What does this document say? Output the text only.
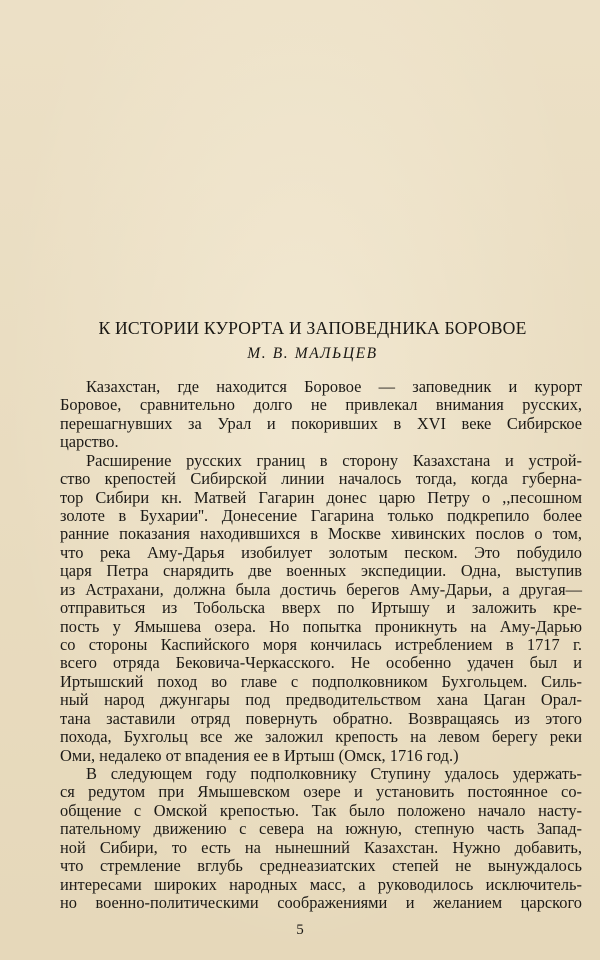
К ИСТОРИИ КУРОРТА И ЗАПОВЕДНИКА БОРОВОЕ
М. В. МАЛЬЦЕВ
Казахстан, где находится Боровое — заповедник и курорт
Боровое, сравнительно долго не привлекал внимания русских,
перешагнувших за Урал и покоривших в XVI веке Сибирское
царство.
Расширение русских границ в сторону Казахстана и устрой-
ство крепостей Сибирской линии началось тогда, когда губерна-
тор Сибири кн. Матвей Гагарин донес царю Петру о ,,песошном
золоте в Бухарии''. Донесение Гагарина только подкрепило более
ранние показания находившихся в Москве хивинских послов о том,
что река Аму-Дарья изобилует золотым песком. Это побудило
царя Петра снарядить две военных экспедиции. Одна, выступив
из Астрахани, должна была достичь берегов Аму-Дарьи, а другая—
отправиться из Тобольска вверх по Иртышу и заложить кре-
пость у Ямышева озера. Но попытка проникнуть на Аму-Дарью
со стороны Каспийского моря кончилась истреблением в 1717 г.
всего отряда Бековича-Черкасского. Не особенно удачен был и
Иртышский поход во главе с подполковником Бухгольцем. Силь-
ный народ джунгары под предводительством хана Цаган Орал-
тана заставили отряд повернуть обратно. Возвращаясь из этого
похода, Бухгольц все же заложил крепость на левом берегу реки
Оми, недалеко от впадения ее в Иртыш (Омск, 1716 год.)
В следующем году подполковнику Ступину удалось удержать-
ся редутом при Ямышевском озере и установить постоянное со-
общение с Омской крепостью. Так было положено начало насту-
пательному движению с севера на южную, степную часть Запад-
ной Сибири, то есть на нынешний Казахстан. Нужно добавить,
что стремление вглубь среднеазиатских степей не вынуждалось
интересами широких народных масс, а руководилось исключитель-
но военно-политическими соображениями и желанием царского
5
